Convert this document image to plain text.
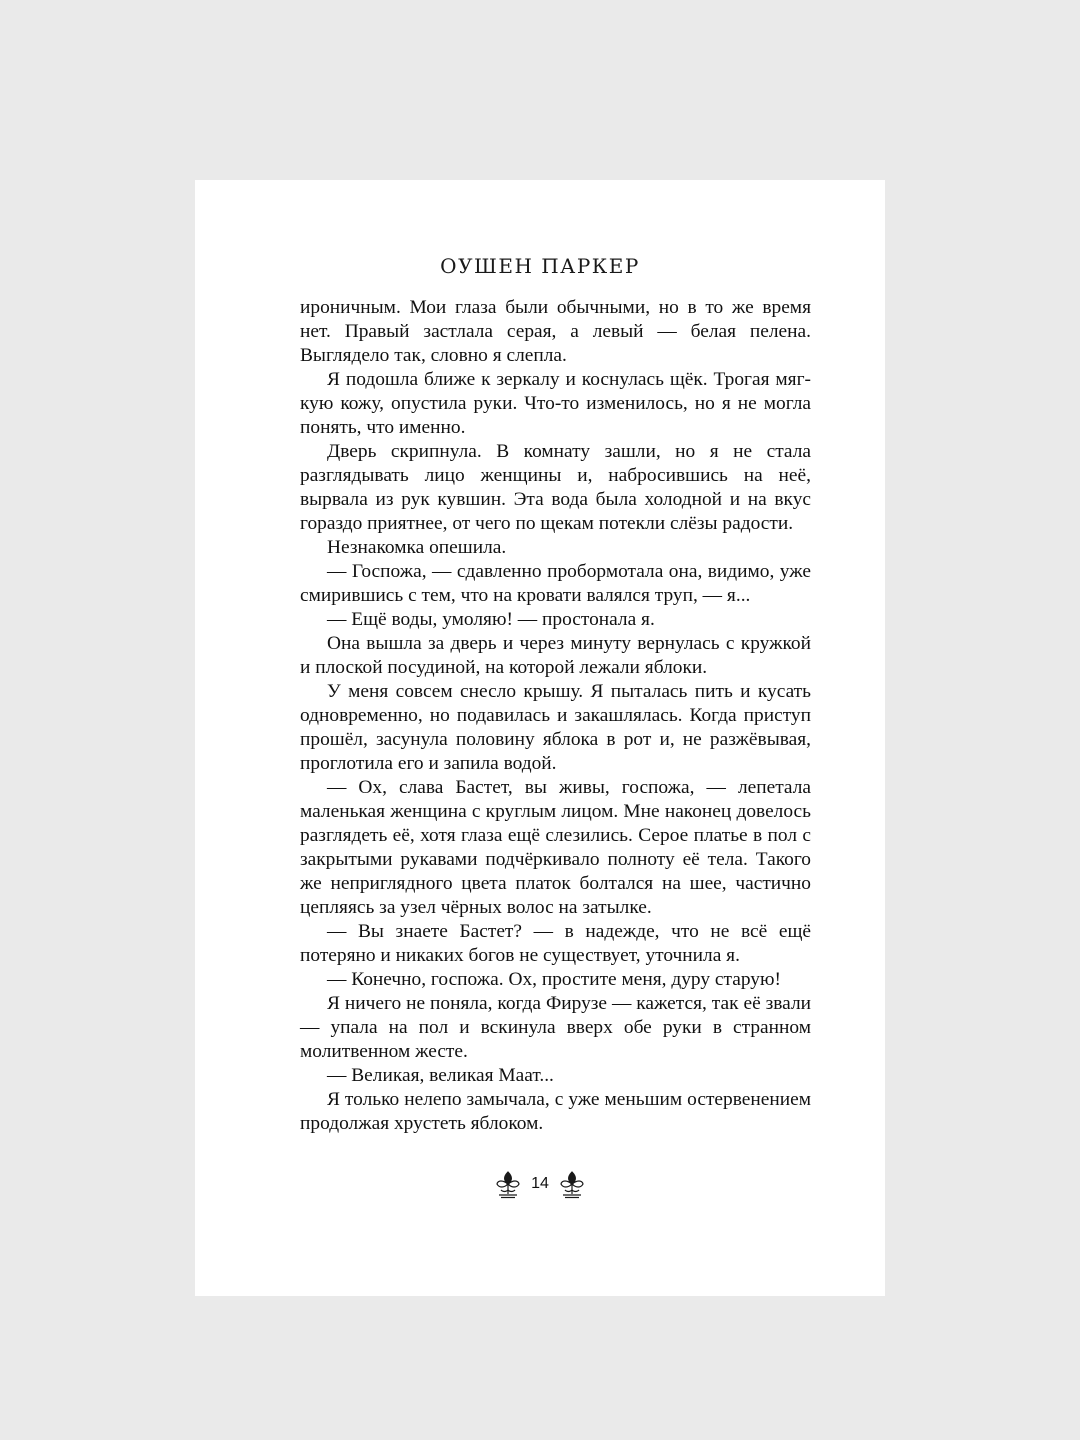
ОУШЕН ПАРКЕР

ироничным. Мои глаза были обычными, но в то же время нет. Правый застлала серая, а левый — белая пелена. Выглядело так, словно я слепла.

Я подошла ближе к зеркалу и коснулась щёк. Трогая мягкую кожу, опустила руки. Что-то изменилось, но я не могла понять, что именно.

Дверь скрипнула. В комнату зашли, но я не стала разглядывать лицо женщины и, набросившись на неё, вырвала из рук кувшин. Эта вода была холодной и на вкус гораздо приятнее, от чего по щекам потекли слёзы радости.

Незнакомка опешила.

— Госпожа, — сдавленно пробормотала она, видимо, уже смирившись с тем, что на кровати валялся труп, — я...

— Ещё воды, умоляю! — простонала я.

Она вышла за дверь и через минуту вернулась с кружкой и плоской посудиной, на которой лежали яблоки.

У меня совсем снесло крышу. Я пыталась пить и кусать одновременно, но подавилась и закашлялась. Когда приступ прошёл, засунула половину яблока в рот и, не разжёвывая, проглотила его и запила водой.

— Ох, слава Бастет, вы живы, госпожа, — лепетала маленькая женщина с круглым лицом. Мне наконец довелось разглядеть её, хотя глаза ещё слезились. Серое платье в пол с закрытыми рукавами подчёркивало полноту её тела. Такого же неприглядного цвета платок болтался на шее, частично цепляясь за узел чёрных волос на затылке.

— Вы знаете Бастет? — в надежде, что не всё ещё потеряно и никаких богов не существует, уточнила я.

— Конечно, госпожа. Ох, простите меня, дуру старую!

Я ничего не поняла, когда Фирузе — кажется, так её звали — упала на пол и вскинула вверх обе руки в странном молитвенном жесте.

— Великая, великая Маат...

Я только нелепо замычала, с уже меньшим остервенением продолжая хрустеть яблоком.

14
